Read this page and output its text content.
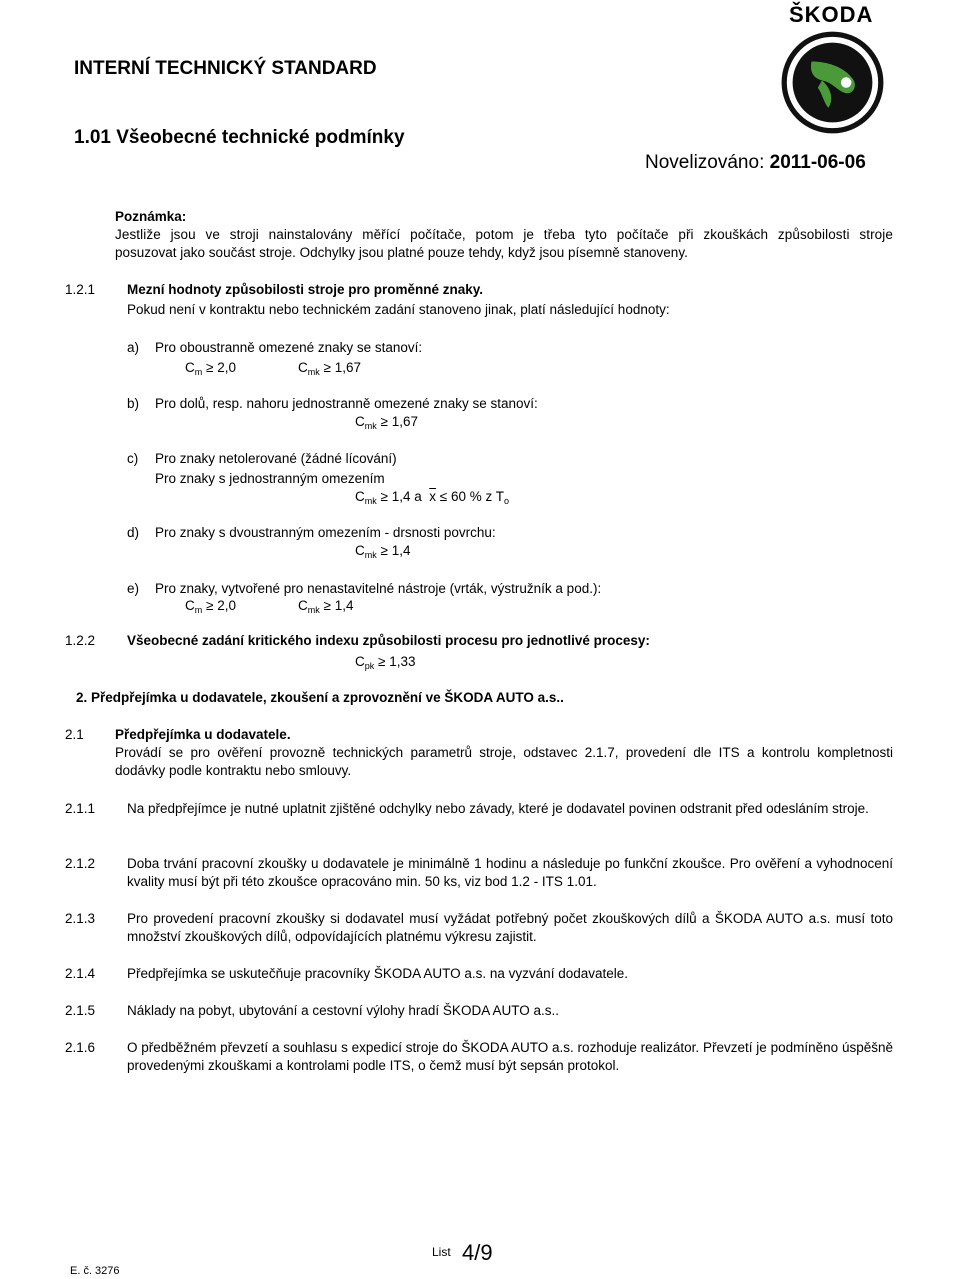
ŠKODA
INTERNÍ TECHNICKÝ STANDARD
1.01 Všeobecné technické podmínky
Novelizováno: 2011-06-06
Poznámka:
Jestliže jsou ve stroji nainstalovány měřící počítače, potom je třeba tyto počítače při zkouškách způsobilosti stroje
posuzovat jako součást stroje. Odchylky jsou platné pouze tehdy, když jsou písemně stanoveny.
1.2.1 Mezní hodnoty způsobilosti stroje pro proměnné znaky.
Pokud není v kontraktu nebo technickém zadání stanoveno jinak, platí následující hodnoty:
a) Pro oboustranně omezené znaky se stanoví:
$C_m \ge 2,0$	$C_{mk} \ge 1,67$
b) Pro dolů, resp. nahoru jednostranně omezené znaky se stanoví:
$C_{mk} \ge 1,67$
c) Pro znaky netolerované (žádné lícování)
Pro znaky s jednostranným omezením
$C_{mk} \ge 1,4$ a $\overline{x} \le 60$ % z $T_o$
d) Pro znaky s dvoustranným omezením - drsnosti povrchu:
$C_{mk} \ge 1,4$
e) Pro znaky, vytvořené pro nenastavitelné nástroje (vrták, výstružník a pod.):
$C_m \ge 2,0$	$C_{mk} \ge 1,4$
1.2.2 Všeobecné zadání kritického indexu způsobilosti procesu pro jednotlivé procesy:
$C_{pk} \ge 1,33$
2. Předpřejímka u dodavatele, zkoušení a zprovoznění ve ŠKODA AUTO a.s..
2.1 Předpřejímka u dodavatele.
Provádí se pro ověření provozně technických parametrů stroje, odstavec 2.1.7, provedení dle ITS a kontrolu kompletnosti dodávky podle kontraktu nebo smlouvy.
2.1.1 Na předpřejímce je nutné uplatnit zjištěné odchylky nebo závady, které je dodavatel povinen odstranit před odesláním stroje.
2.1.2 Doba trvání pracovní zkoušky u dodavatele je minimálně 1 hodinu a následuje po funkční zkoušce. Pro ověření a vyhodnocení kvality musí být při této zkoušce opracováno min. 50 ks, viz bod 1.2 - ITS 1.01.
2.1.3 Pro provedení pracovní zkoušky si dodavatel musí vyžádat potřebný počet zkouškových dílů a ŠKODA AUTO a.s. musí toto množství zkouškových dílů, odpovídajících platnému výkresu zajistit.
2.1.4 Předpřejímka se uskutečňuje pracovníky ŠKODA AUTO a.s. na vyzvání dodavatele.
2.1.5 Náklady na pobyt, ubytování a cestovní výlohy hradí ŠKODA AUTO a.s..
2.1.6 O předběžném převzetí a souhlasu s expedicí stroje do ŠKODA AUTO a.s. rozhoduje realizátor. Převzetí je podmíněno úspěšně provedenými zkouškami a kontrolami podle ITS, o čemž musí být sepsán protokol.
List 4/9
E. č. 3276
